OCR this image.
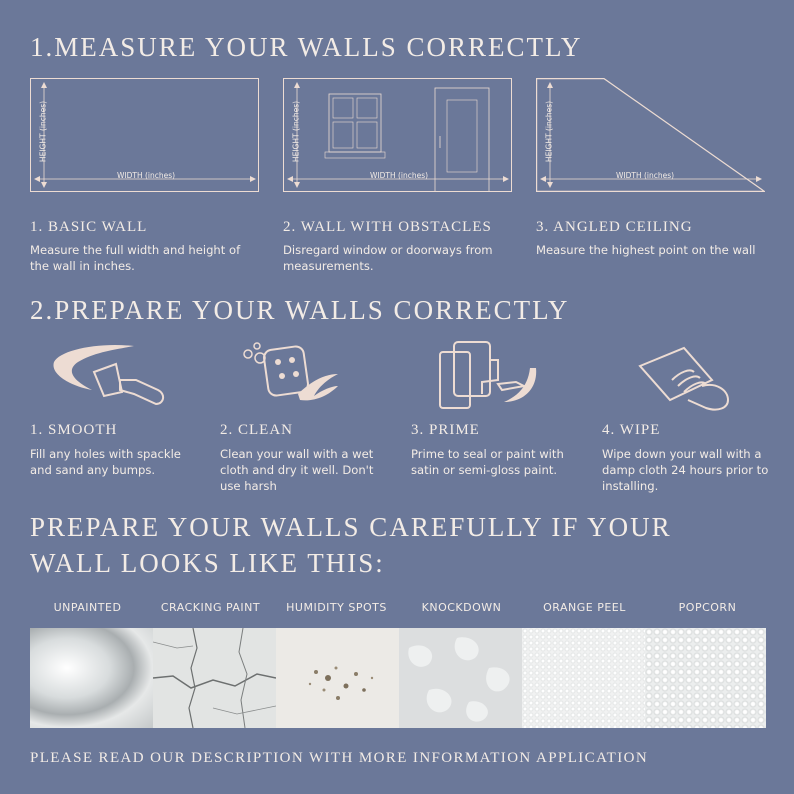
1.MEASURE YOUR WALLS CORRECTLY
WIDTH (inches)
HEIGHT (inches)
WIDTH (inches)
HEIGHT (inches)
WIDTH (inches)
HEIGHT (inches)
1. BASIC WALL	2. WALL WITH OBSTACLES	3. ANGLED CEILING
Measure the full width and height of the wall in inches.
Disregard window or doorways from measurements.
Measure the highest point on the wall
2.PREPARE YOUR WALLS CORRECTLY
1. SMOOTH	2. CLEAN	3. PRIME	4. WIPE
Fill any holes with spackle and sand any bumps.
Clean your wall with a wet cloth and dry it well. Don't use harsh
Prime to seal or paint with satin or semi-gloss paint.
Wipe down your wall with a damp cloth 24 hours prior to installing.
PREPARE YOUR WALLS CAREFULLY IF YOUR
WALL LOOKS LIKE THIS:
UNPAINTED	CRACKING PAINT	HUMIDITY SPOTS	KNOCKDOWN	ORANGE PEEL	POPCORN
PLEASE READ OUR DESCRIPTION WITH MORE INFORMATION APPLICATION
